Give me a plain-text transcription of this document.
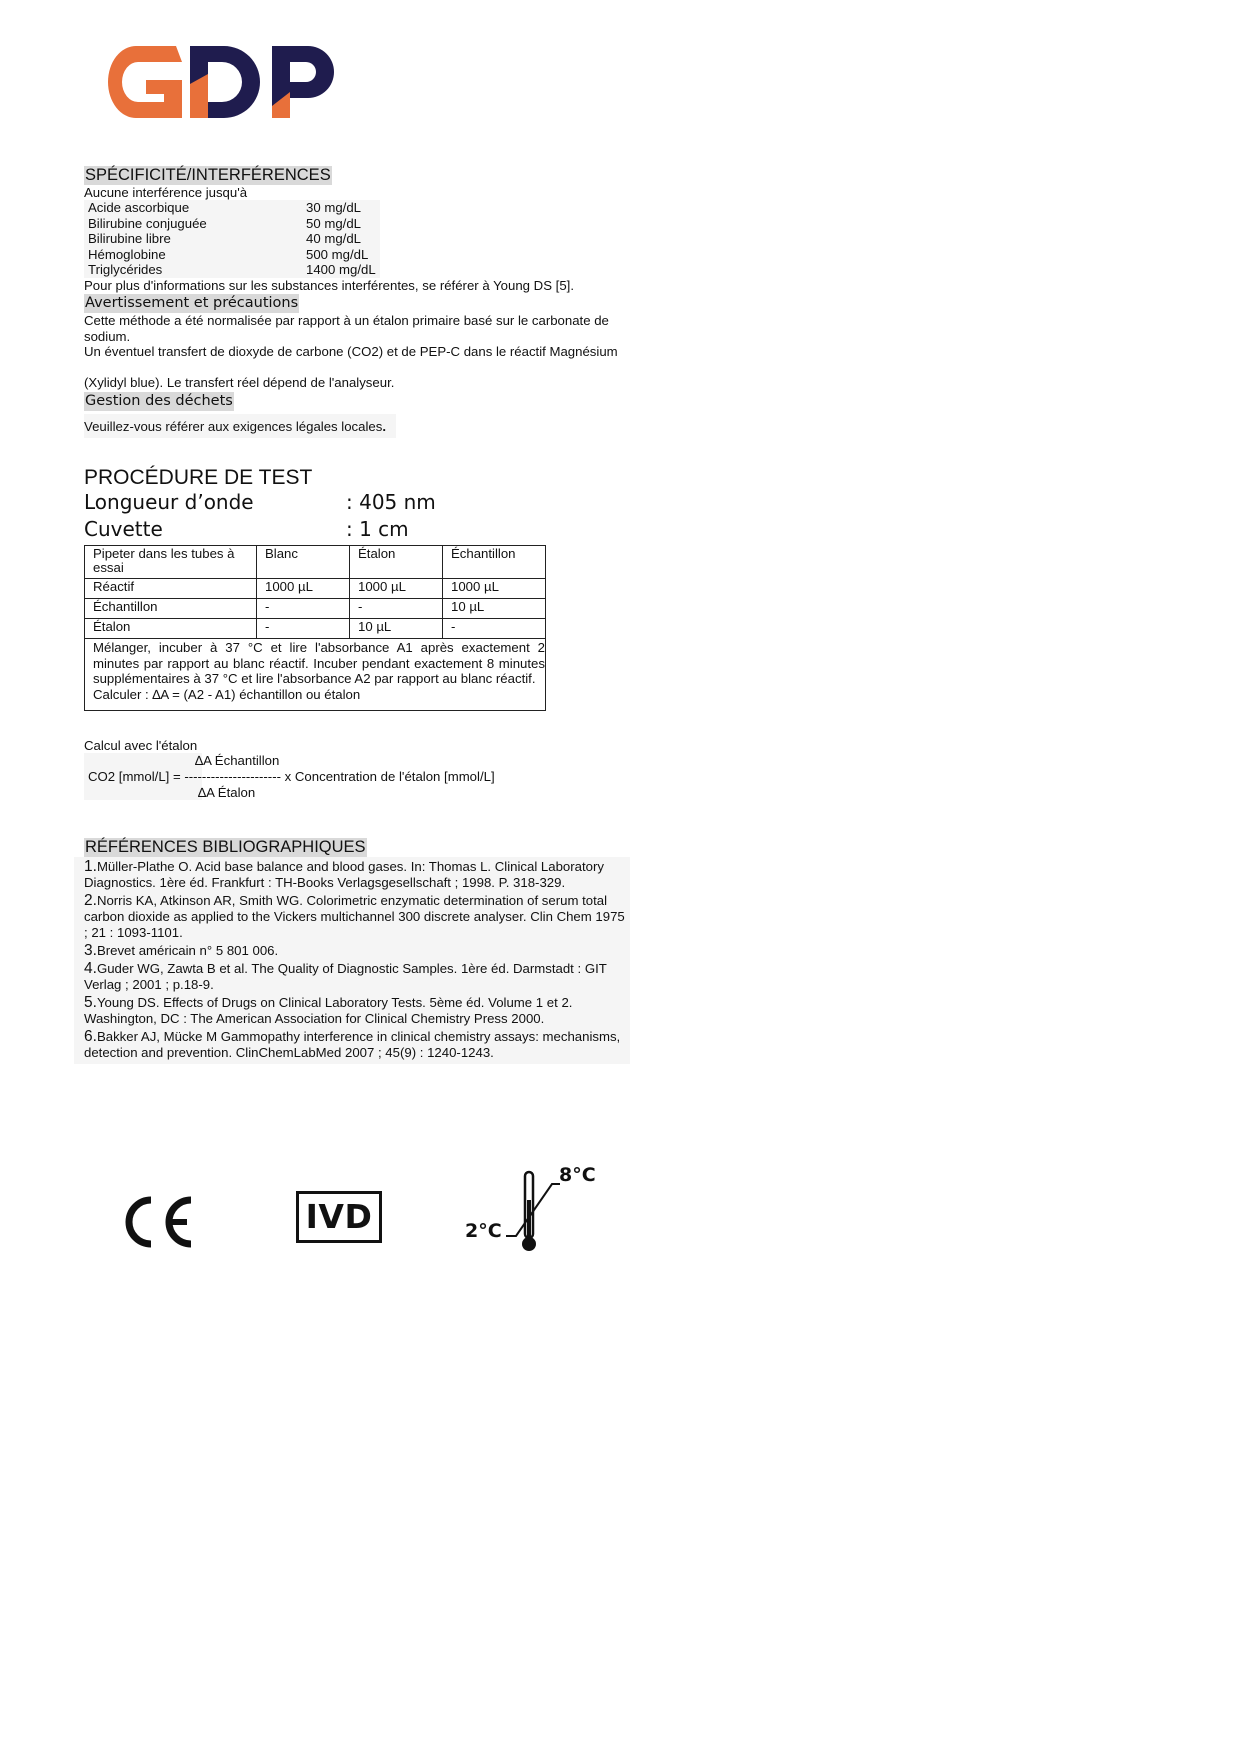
SPÉCIFICITÉ/INTERFÉRENCES
Aucune interférence jusqu'à
Acide ascorbique	30 mg/dL
Bilirubine conjuguée	50 mg/dL
Bilirubine libre	40 mg/dL
Hémoglobine	500 mg/dL
Triglycérides	1400 mg/dL
Pour plus d'informations sur les substances interférentes, se référer à Young DS [5].
Avertissement et précautions
Cette méthode a été normalisée par rapport à un étalon primaire basé sur le carbonate de sodium.
Un éventuel transfert de dioxyde de carbone (CO2) et de PEP-C dans le réactif Magnésium
(Xylidyl blue). Le transfert réel dépend de l'analyseur.
Gestion des déchets
Veuillez-vous référer aux exigences légales locales.
PROCÉDURE DE TEST
Longueur d’onde	: 405 nm
Cuvette	: 1 cm
Pipeter dans les tubes à essai	Blanc	Étalon	Échantillon
Réactif	1000 µL	1000 µL	1000 µL
Échantillon	-	-	10 µL
Étalon	-	10 µL	-

Mélanger, incuber à 37 °C et lire l'absorbance A1 après exactement 2 minutes par rapport au blanc réactif. Incuber pendant exactement 8 minutes supplémentaires à 37 °C et lire l'absorbance A2 par rapport au blanc réactif.
Calculer : ∆A = (A2 - A1) échantillon ou étalon			
Calcul avec l'étalon
∆A Échantillon
CO2 [mmol/L] = ---------------------- x Concentration de l'étalon [mmol/L]
∆A Étalon
RÉFÉRENCES BIBLIOGRAPHIQUES
1.Müller-Plathe O. Acid base balance and blood gases. In: Thomas L. Clinical Laboratory Diagnostics. 1ère éd. Frankfurt : TH-Books Verlagsgesellschaft ; 1998. P. 318-329.
2.Norris KA, Atkinson AR, Smith WG. Colorimetric enzymatic determination of serum total carbon dioxide as applied to the Vickers multichannel 300 discrete analyser. Clin Chem 1975 ; 21 : 1093-1101.
3.Brevet américain n° 5 801 006.
4.Guder WG, Zawta B et al. The Quality of Diagnostic Samples. 1ère éd. Darmstadt : GIT Verlag ; 2001 ; p.18-9.
5.Young DS. Effects of Drugs on Clinical Laboratory Tests. 5ème éd. Volume 1 et 2. Washington, DC : The American Association for Clinical Chemistry Press 2000.
6.Bakker AJ, Mücke M Gammopathy interference in clinical chemistry assays: mechanisms, detection and prevention. ClinChemLabMed 2007 ; 45(9) : 1240-1243.
IVD
8°C
2°C
